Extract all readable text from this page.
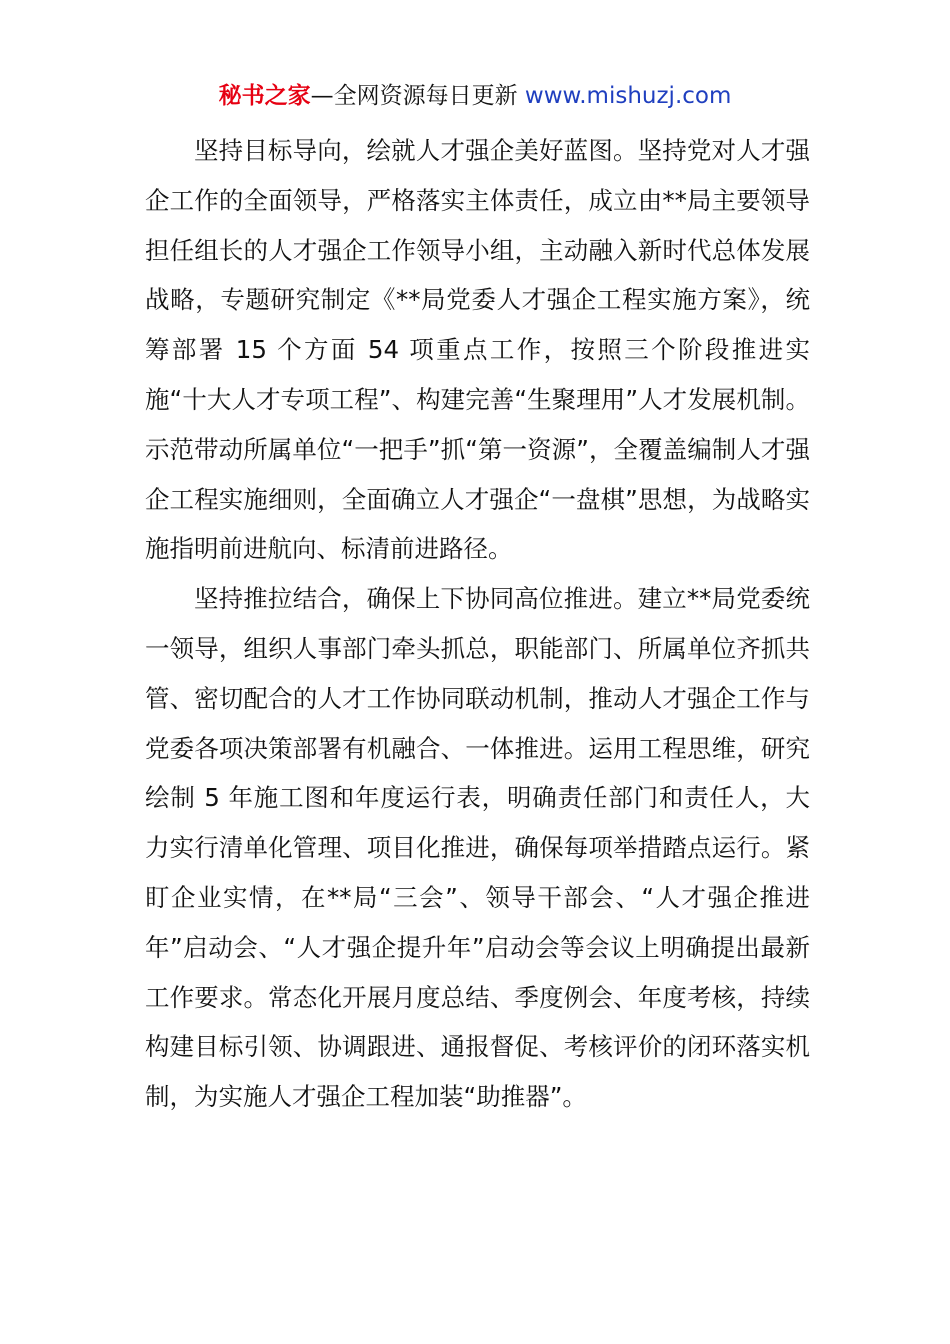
秘书之家—全网资源每日更新 www.mishuzj.com

坚持目标导向，绘就人才强企美好蓝图。坚持党对人才强企工作的全面领导，严格落实主体责任，成立由**局主要领导担任组长的人才强企工作领导小组，主动融入新时代总体发展战略，专题研究制定《**局党委人才强企工程实施方案》，统筹部署 15 个方面 54 项重点工作，按照三个阶段推进实施“十大人才专项工程”、构建完善“生聚理用”人才发展机制。示范带动所属单位“一把手”抓“第一资源”，全覆盖编制人才强企工程实施细则，全面确立人才强企“一盘棋”思想，为战略实施指明前进航向、标清前进路径。

坚持推拉结合，确保上下协同高位推进。建立**局党委统一领导，组织人事部门牵头抓总，职能部门、所属单位齐抓共管、密切配合的人才工作协同联动机制，推动人才强企工作与党委各项决策部署有机融合、一体推进。运用工程思维，研究绘制 5 年施工图和年度运行表，明确责任部门和责任人，大力实行清单化管理、项目化推进，确保每项举措踏点运行。紧盯企业实情，在**局“三会”、领导干部会、“人才强企推进年”启动会、“人才强企提升年”启动会等会议上明确提出最新工作要求。常态化开展月度总结、季度例会、年度考核，持续构建目标引领、协调跟进、通报督促、考核评价的闭环落实机制，为实施人才强企工程加装“助推器”。
